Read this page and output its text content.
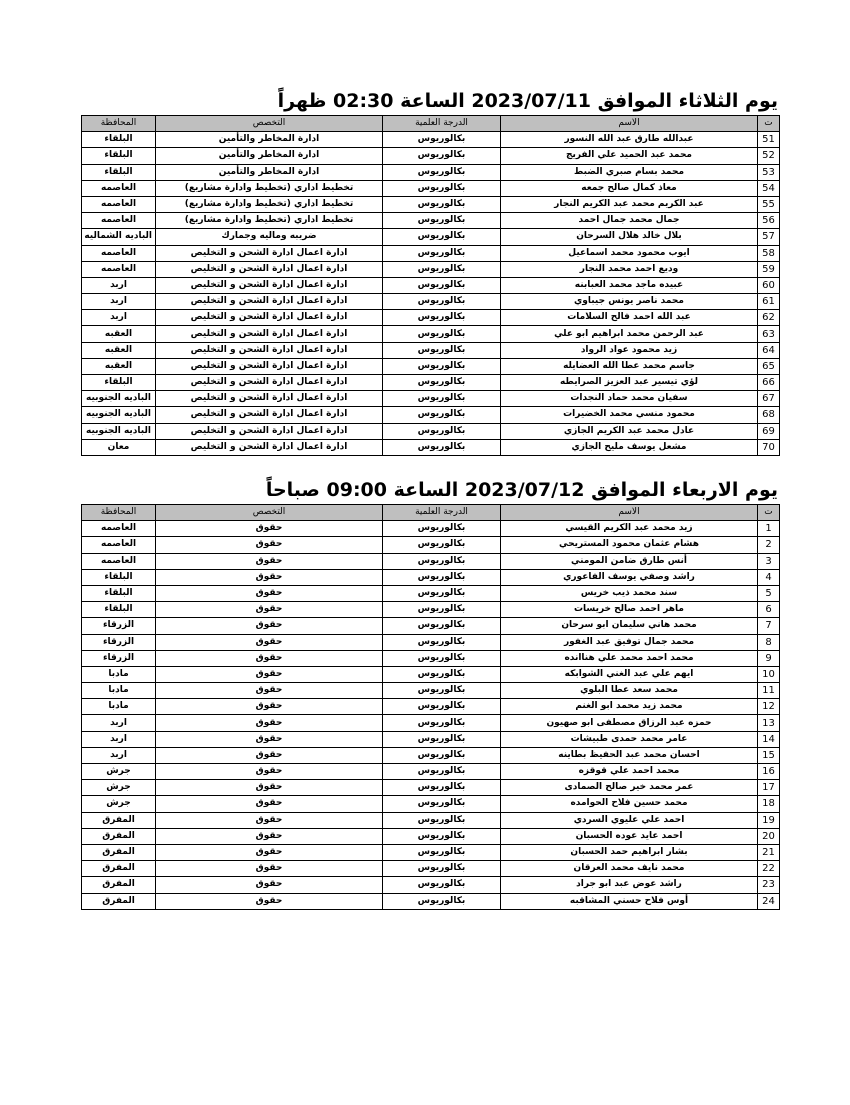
يوم الثلاثاء الموافق 2023/07/11 الساعة 02:30 ظهراً
ت	الاسم	الدرجة العلمية	التخصص	المحافظة
51	عبدالله طارق عبد الله النسور	بكالوريوس	ادارة المخاطر والتأمين	البلقاء
52	محمد عبد الحميد علي الفريج	بكالوريوس	ادارة المخاطر والتأمين	البلقاء
53	محمد بسام صبري الضبط	بكالوريوس	ادارة المخاطر والتأمين	البلقاء
54	معاذ كمال صالح جمعه	بكالوريوس	تخطيط اداري (تخطيط وادارة مشاريع)	العاصمه
55	عبد الكريم محمد عبد الكريم النجار	بكالوريوس	تخطيط اداري (تخطيط وادارة مشاريع)	العاصمه
56	جمال محمد جمال احمد	بكالوريوس	تخطيط اداري (تخطيط وادارة مشاريع)	العاصمه
57	بلال خالد هلال السرحان	بكالوريوس	ضريبه وماليه وجمارك	الباديه الشماليه
58	ايوب محمود محمد اسماعيل	بكالوريوس	ادارة اعمال ادارة الشحن و التخليص	العاصمه
59	وديع احمد محمد النجار	بكالوريوس	ادارة اعمال ادارة الشحن و التخليص	العاصمه
60	عبيده ماجد محمد العبابنه	بكالوريوس	ادارة اعمال ادارة الشحن و التخليص	اربد
61	محمد ناصر يونس جيباوي	بكالوريوس	ادارة اعمال ادارة الشحن و التخليص	اربد
62	عبد الله احمد فالح السلامات	بكالوريوس	ادارة اعمال ادارة الشحن و التخليص	اربد
63	عبد الرحمن محمد ابراهيم ابو علي	بكالوريوس	ادارة اعمال ادارة الشحن و التخليص	العقبه
64	زيد محمود عواد الرواد	بكالوريوس	ادارة اعمال ادارة الشحن و التخليص	العقبه
65	جاسم محمد عطا الله العضايله	بكالوريوس	ادارة اعمال ادارة الشحن و التخليص	العقبه
66	لؤي تيسير عبد العزيز الصرايطه	بكالوريوس	ادارة اعمال ادارة الشحن و التخليص	البلقاء
67	سفيان محمد حماد النجدات	بكالوريوس	ادارة اعمال ادارة الشحن و التخليص	الباديه الجنوبيه
68	محمود منسي محمد الخضيرات	بكالوريوس	ادارة اعمال ادارة الشحن و التخليص	الباديه الجنوبيه
69	عادل محمد عبد الكريم الجازي	بكالوريوس	ادارة اعمال ادارة الشحن و التخليص	الباديه الجنوبيه
70	مشعل يوسف مليح الجازي	بكالوريوس	ادارة اعمال ادارة الشحن و التخليص	معان
يوم الاربعاء الموافق 2023/07/12 الساعة 09:00 صباحاً
ت	الاسم	الدرجة العلمية	التخصص	المحافظة
1	زيد محمد عبد الكريم القيسي	بكالوريوس	حقوق	العاصمه
2	هشام عثمان محمود المستريحي	بكالوريوس	حقوق	العاصمه
3	أنس طارق ضامن المومني	بكالوريوس	حقوق	العاصمه
4	راشد وصفي يوسف الفاعوري	بكالوريوس	حقوق	البلقاء
5	سند محمد ذيب خريس	بكالوريوس	حقوق	البلقاء
6	ماهر احمد صالح خريسات	بكالوريوس	حقوق	البلقاء
7	محمد هاني سليمان ابو سرحان	بكالوريوس	حقوق	الزرقاء
8	محمد جمال توفيق عبد الغفور	بكالوريوس	حقوق	الزرقاء
9	محمد احمد محمد علي هناانده	بكالوريوس	حقوق	الزرقاء
10	ايهم علي عبد الغني الشوابكه	بكالوريوس	حقوق	مادبا
11	محمد سعد عطا البلوي	بكالوريوس	حقوق	مادبا
12	محمد زيد محمد ابو الغنم	بكالوريوس	حقوق	مادبا
13	حمزه عبد الرزاق مصطفى ابو صهيون	بكالوريوس	حقوق	اربد
14	عامر محمد حمدى طبيشات	بكالوريوس	حقوق	اربد
15	احسان محمد عبد الحفيظ بطاينه	بكالوريوس	حقوق	اربد
16	محمد احمد علي قوقزه	بكالوريوس	حقوق	جرش
17	عمر محمد خير صالح الصمادى	بكالوريوس	حقوق	جرش
18	محمد حسين فلاح الحوامده	بكالوريوس	حقوق	جرش
19	احمد علي عليوي السردي	بكالوريوس	حقوق	المفرق
20	احمد عايد عوده الحسبان	بكالوريوس	حقوق	المفرق
21	بشار ابراهيم حمد الحسبان	بكالوريوس	حقوق	المفرق
22	محمد نايف محمد العرقان	بكالوريوس	حقوق	المفرق
23	راشد عوض عبد ابو جراد	بكالوريوس	حقوق	المفرق
24	أوس فلاح حسني المشاقبه	بكالوريوس	حقوق	المفرق
